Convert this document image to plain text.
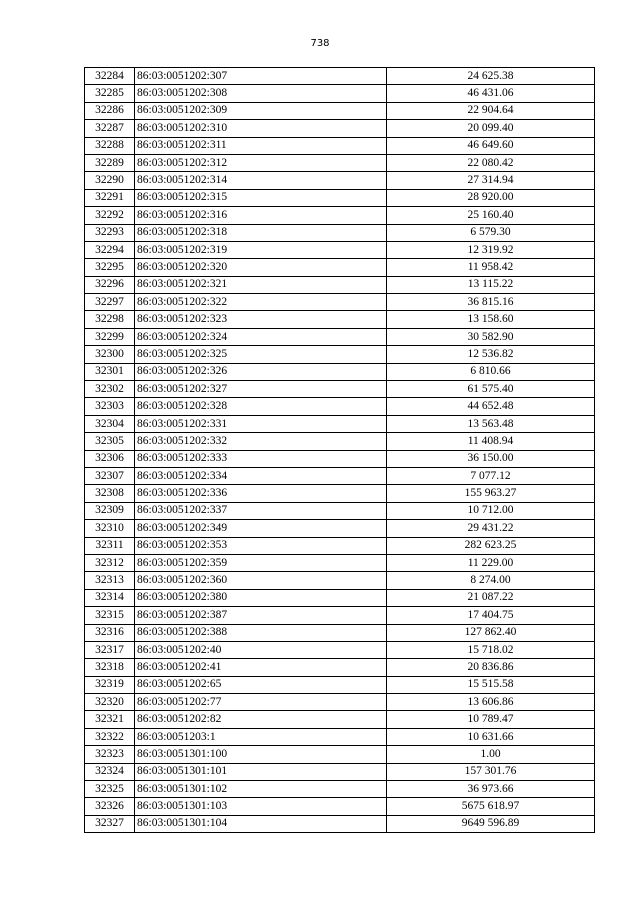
738
32284	86:03:0051202:307	24 625.38
32285	86:03:0051202:308	46 431.06
32286	86:03:0051202:309	22 904.64
32287	86:03:0051202:310	20 099.40
32288	86:03:0051202:311	46 649.60
32289	86:03:0051202:312	22 080.42
32290	86:03:0051202:314	27 314.94
32291	86:03:0051202:315	28 920.00
32292	86:03:0051202:316	25 160.40
32293	86:03:0051202:318	6 579.30
32294	86:03:0051202:319	12 319.92
32295	86:03:0051202:320	11 958.42
32296	86:03:0051202:321	13 115.22
32297	86:03:0051202:322	36 815.16
32298	86:03:0051202:323	13 158.60
32299	86:03:0051202:324	30 582.90
32300	86:03:0051202:325	12 536.82
32301	86:03:0051202:326	6 810.66
32302	86:03:0051202:327	61 575.40
32303	86:03:0051202:328	44 652.48
32304	86:03:0051202:331	13 563.48
32305	86:03:0051202:332	11 408.94
32306	86:03:0051202:333	36 150.00
32307	86:03:0051202:334	7 077.12
32308	86:03:0051202:336	155 963.27
32309	86:03:0051202:337	10 712.00
32310	86:03:0051202:349	29 431.22
32311	86:03:0051202:353	282 623.25
32312	86:03:0051202:359	11 229.00
32313	86:03:0051202:360	8 274.00
32314	86:03:0051202:380	21 087.22
32315	86:03:0051202:387	17 404.75
32316	86:03:0051202:388	127 862.40
32317	86:03:0051202:40	15 718.02
32318	86:03:0051202:41	20 836.86
32319	86:03:0051202:65	15 515.58
32320	86:03:0051202:77	13 606.86
32321	86:03:0051202:82	10 789.47
32322	86:03:0051203:1	10 631.66
32323	86:03:0051301:100	1.00
32324	86:03:0051301:101	157 301.76
32325	86:03:0051301:102	36 973.66
32326	86:03:0051301:103	5675 618.97
32327	86:03:0051301:104	9649 596.89
